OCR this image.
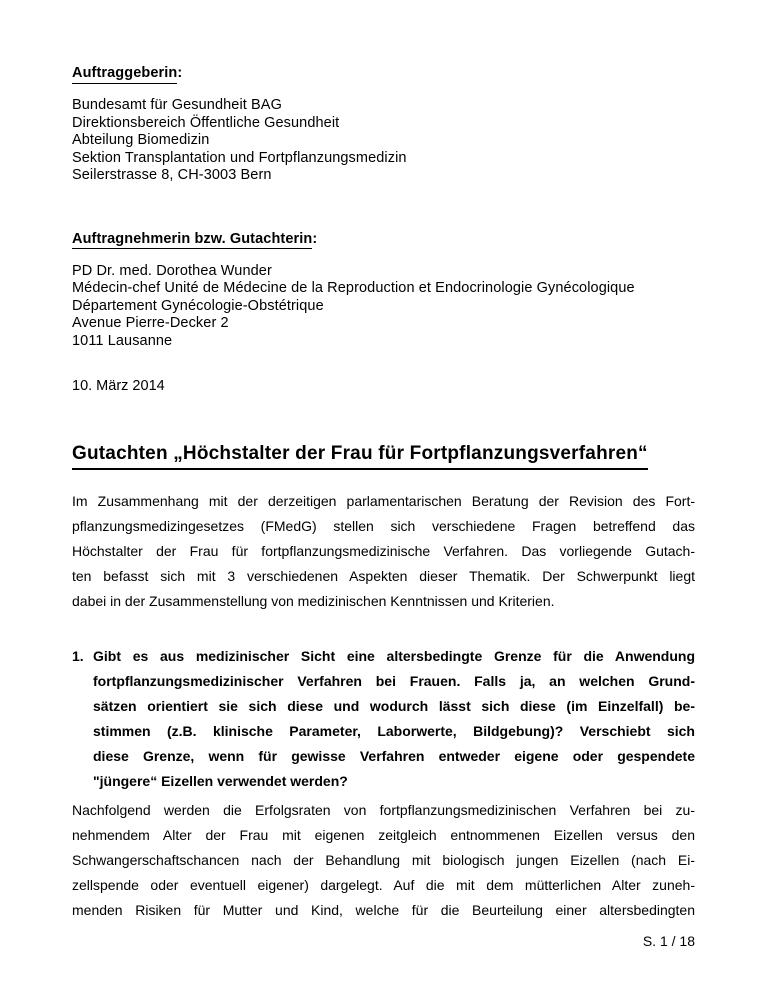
Auftraggeberin:
Bundesamt für Gesundheit BAG
Direktionsbereich Öffentliche Gesundheit
Abteilung Biomedizin
Sektion Transplantation und Fortpflanzungsmedizin
Seilerstrasse 8, CH-3003 Bern
Auftragnehmerin bzw. Gutachterin:
PD Dr. med. Dorothea Wunder
Médecin-chef Unité de Médecine de la Reproduction et Endocrinologie Gynécologique
Département Gynécologie-Obstétrique
Avenue Pierre-Decker 2
1011 Lausanne
10. März 2014
Gutachten „Höchstalter der Frau für Fortpflanzungsverfahren“
Im Zusammenhang mit der derzeitigen parlamentarischen Beratung der Revision des Fort-
pflanzungsmedizingesetzes (FMedG) stellen sich verschiedene Fragen betreffend das
Höchstalter der Frau für fortpflanzungsmedizinische Verfahren. Das vorliegende Gutach-
ten befasst sich mit 3 verschiedenen Aspekten dieser Thematik. Der Schwerpunkt liegt
dabei in der Zusammenstellung von medizinischen Kenntnissen und Kriterien.
1. Gibt es aus medizinischer Sicht eine altersbedingte Grenze für die Anwendung
fortpflanzungsmedizinischer Verfahren bei Frauen. Falls ja, an welchen Grund-
sätzen orientiert sie sich diese und wodurch lässt sich diese (im Einzelfall) be-
stimmen (z.B. klinische Parameter, Laborwerte, Bildgebung)? Verschiebt sich
diese Grenze, wenn für gewisse Verfahren entweder eigene oder gespendete
"jüngere“ Eizellen verwendet werden?
Nachfolgend werden die Erfolgsraten von fortpflanzungsmedizinischen Verfahren bei zu-
nehmendem Alter der Frau mit eigenen zeitgleich entnommenen Eizellen versus den
Schwangerschaftschancen nach der Behandlung mit biologisch jungen Eizellen (nach Ei-
zellspende oder eventuell eigener) dargelegt. Auf die mit dem mütterlichen Alter zuneh-
menden Risiken für Mutter und Kind, welche für die Beurteilung einer altersbedingten
S. 1 / 18
